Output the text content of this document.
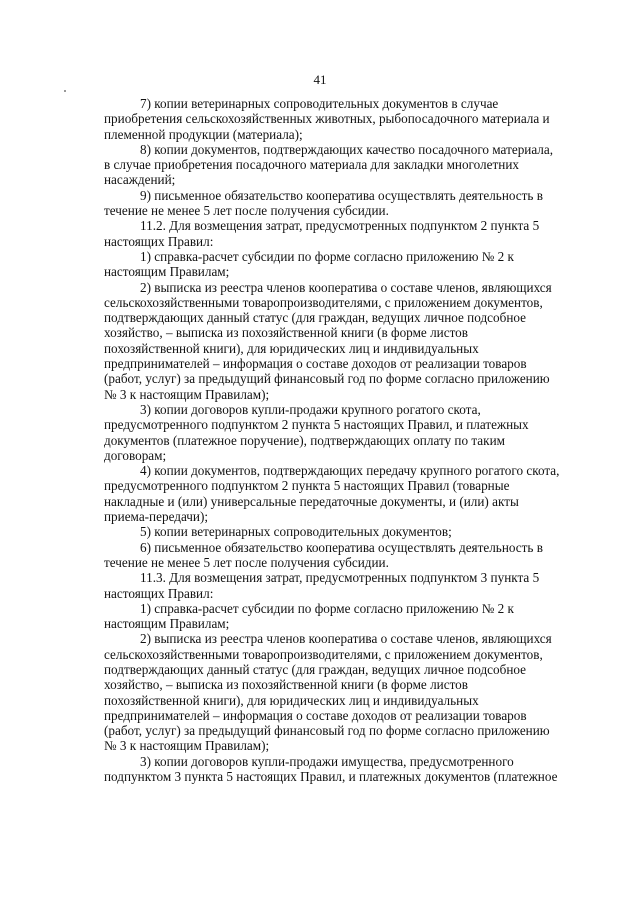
41

7) копии ветеринарных сопроводительных документов в случае
приобретения сельскохозяйственных животных, рыбопосадочного материала и
племенной продукции (материала);

8) копии документов, подтверждающих качество посадочного материала,
в случае приобретения посадочного материала для закладки многолетних
насаждений;

9) письменное обязательство кооператива осуществлять деятельность в
течение не менее 5 лет после получения субсидии.

11.2. Для возмещения затрат, предусмотренных подпунктом 2 пункта 5
настоящих Правил:

1) справка-расчет субсидии по форме согласно приложению № 2 к
настоящим Правилам;

2) выписка из реестра членов кооператива о составе членов, являющихся
сельскохозяйственными товаропроизводителями, с приложением документов,
подтверждающих данный статус (для граждан, ведущих личное подсобное
хозяйство, – выписка из похозяйственной книги (в форме листов
похозяйственной книги), для юридических лиц и индивидуальных
предпринимателей – информация о составе доходов от реализации товаров
(работ, услуг) за предыдущий финансовый год по форме согласно приложению
№ 3 к настоящим Правилам);

3) копии договоров купли-продажи крупного рогатого скота,
предусмотренного подпунктом 2 пункта 5 настоящих Правил, и платежных
документов (платежное поручение), подтверждающих оплату по таким
договорам;

4) копии документов, подтверждающих передачу крупного рогатого скота,
предусмотренного подпунктом 2 пункта 5 настоящих Правил (товарные
накладные и (или) универсальные передаточные документы, и (или) акты
приема-передачи);

5) копии ветеринарных сопроводительных документов;

6) письменное обязательство кооператива осуществлять деятельность в
течение не менее 5 лет после получения субсидии.

11.3. Для возмещения затрат, предусмотренных подпунктом 3 пункта 5
настоящих Правил:

1) справка-расчет субсидии по форме согласно приложению № 2 к
настоящим Правилам;

2) выписка из реестра членов кооператива о составе членов, являющихся
сельскохозяйственными товаропроизводителями, с приложением документов,
подтверждающих данный статус (для граждан, ведущих личное подсобное
хозяйство, – выписка из похозяйственной книги (в форме листов
похозяйственной книги), для юридических лиц и индивидуальных
предпринимателей – информация о составе доходов от реализации товаров
(работ, услуг) за предыдущий финансовый год по форме согласно приложению
№ 3 к настоящим Правилам);

3) копии договоров купли-продажи имущества, предусмотренного
подпунктом 3 пункта 5 настоящих Правил, и платежных документов (платежное
